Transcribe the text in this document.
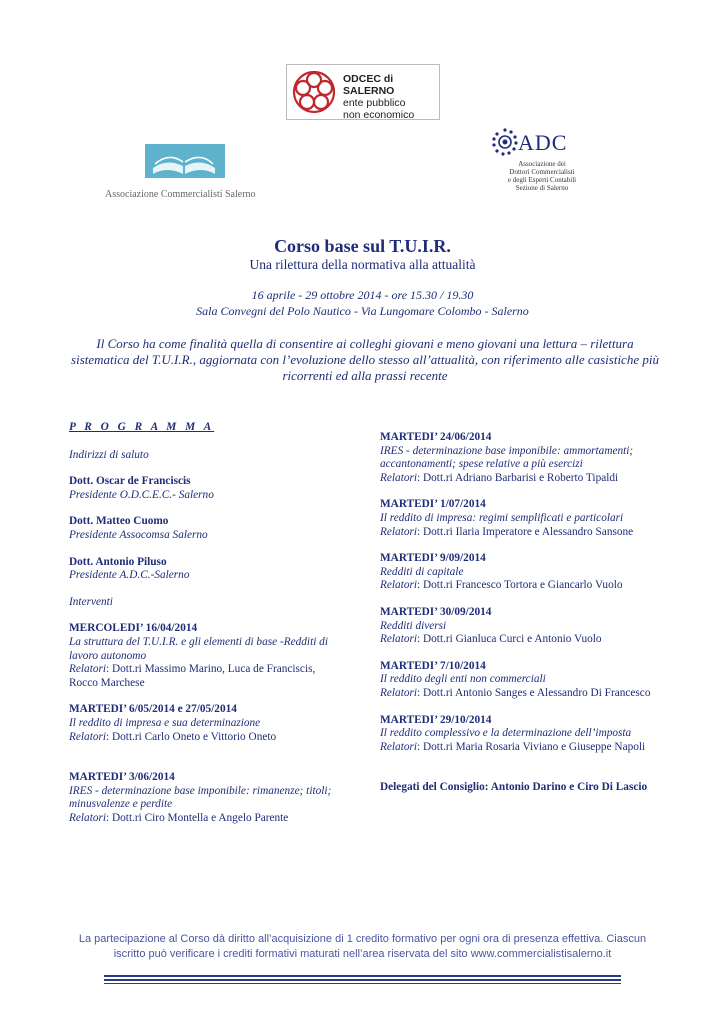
ODCEC di SALERNO
ente pubblico
non economico
Associazione Commercialisti Salerno
ADC
Associazione dei
Dottori Commercialisti
e degli Esperti Contabili
Sezione di Salerno
Corso base sul T.U.I.R.
Una rilettura della normativa alla attualità
16 aprile - 29 ottobre 2014 - ore 15.30 / 19.30
Sala Convegni del Polo Nautico - Via Lungomare Colombo - Salerno
Il Corso ha come finalità quella di consentire ai colleghi giovani e meno giovani una lettura – rilettura sistematica del T.U.I.R., aggiornata con l’evoluzione dello stesso all’attualità, con riferimento alle casistiche più ricorrenti ed alla prassi recente
P R O G R A M M A
Indirizzi di saluto
Dott. Oscar de Franciscis
Presidente O.D.C.E.C.- Salerno
Dott. Matteo Cuomo
Presidente Assocomsa Salerno
Dott. Antonio Piluso
Presidente A.D.C.-Salerno
Interventi
MERCOLEDI’ 16/04/2014
La struttura del T.U.I.R. e gli elementi di base -Redditi di lavoro autonomo
Relatori: Dott.ri Massimo Marino, Luca de Franciscis, Rocco Marchese
MARTEDI’ 6/05/2014 e 27/05/2014
Il reddito di impresa e sua determinazione
Relatori: Dott.ri Carlo Oneto e Vittorio Oneto
MARTEDI’ 3/06/2014
IRES - determinazione base imponibile: rimanenze; titoli; minusvalenze e perdite
Relatori: Dott.ri Ciro Montella e Angelo Parente
MARTEDI’ 24/06/2014
IRES - determinazione base imponibile: ammortamenti; accantonamenti; spese relative a più esercizi
Relatori: Dott.ri Adriano Barbarisi e Roberto Tipaldi
MARTEDI’ 1/07/2014
Il reddito di impresa: regimi semplificati e particolari
Relatori: Dott.ri Ilaria Imperatore e Alessandro Sansone
MARTEDI’ 9/09/2014
Redditi di capitale
Relatori: Dott.ri Francesco Tortora e Giancarlo Vuolo
MARTEDI’ 30/09/2014
Redditi diversi
Relatori: Dott.ri Gianluca Curci e Antonio Vuolo
MARTEDI’ 7/10/2014
Il reddito degli enti non commerciali
Relatori: Dott.ri Antonio Sanges e Alessandro Di Francesco
MARTEDI’ 29/10/2014
Il reddito complessivo e la determinazione dell’imposta
Relatori: Dott.ri Maria Rosaria Viviano e Giuseppe Napoli
Delegati del Consiglio: Antonio Darino e Ciro Di Lascio
La partecipazione al Corso dà diritto all’acquisizione di 1 credito formativo per ogni ora di presenza effettiva. Ciascun
iscritto può verificare i crediti formativi maturati nell’area riservata del sito www.commercialistisalerno.it
